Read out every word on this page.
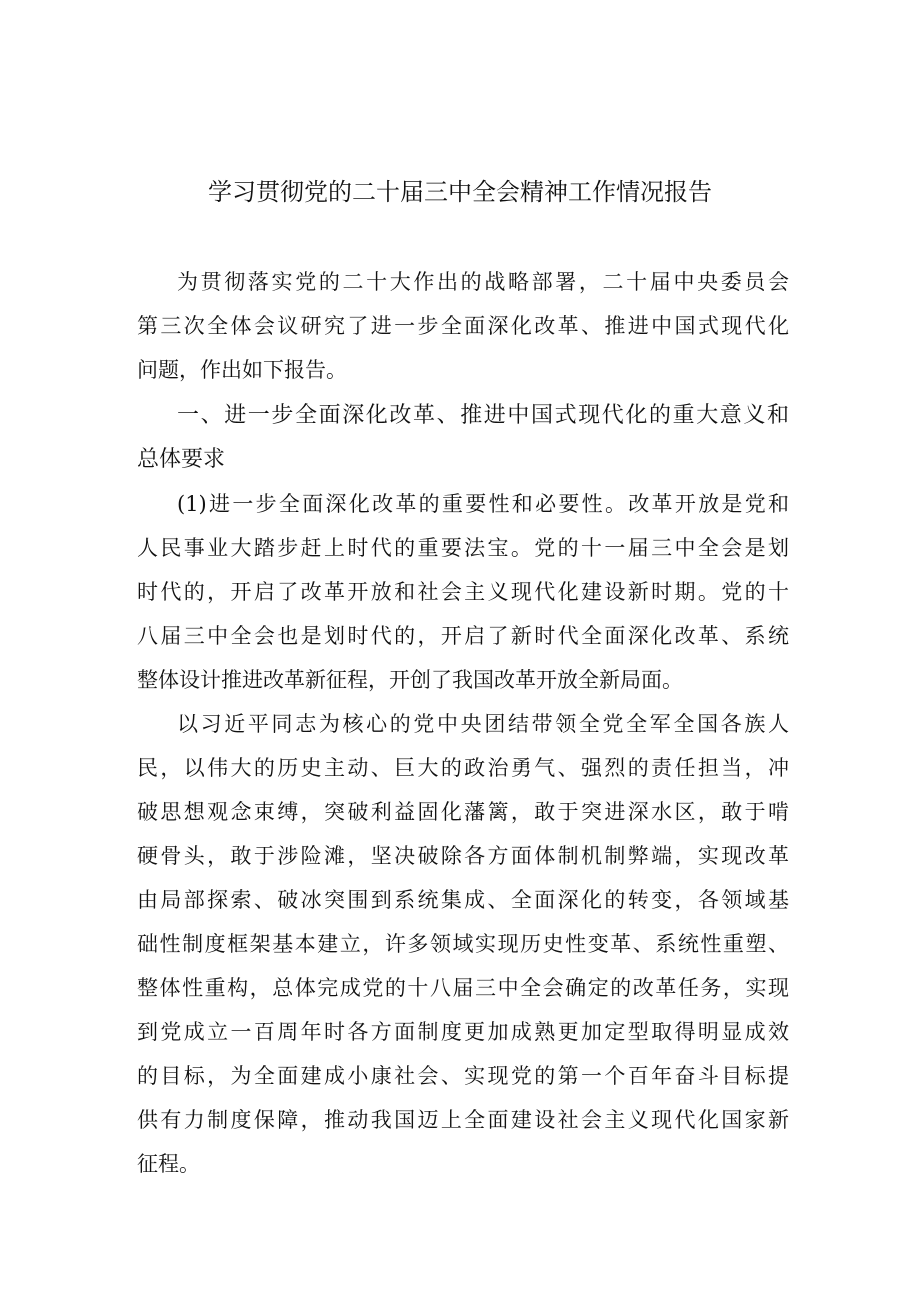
学习贯彻党的二十届三中全会精神工作情况报告
为贯彻落实党的二十大作出的战略部署，二十届中央委员会
第三次全体会议研究了进一步全面深化改革、推进中国式现代化
问题，作出如下报告。
一、进一步全面深化改革、推进中国式现代化的重大意义和
总体要求
(1)进一步全面深化改革的重要性和必要性。改革开放是党和
人民事业大踏步赶上时代的重要法宝。党的十一届三中全会是划
时代的，开启了改革开放和社会主义现代化建设新时期。党的十
八届三中全会也是划时代的，开启了新时代全面深化改革、系统
整体设计推进改革新征程，开创了我国改革开放全新局面。
以习近平同志为核心的党中央团结带领全党全军全国各族人
民，以伟大的历史主动、巨大的政治勇气、强烈的责任担当，冲
破思想观念束缚，突破利益固化藩篱，敢于突进深水区，敢于啃
硬骨头，敢于涉险滩，坚决破除各方面体制机制弊端，实现改革
由局部探索、破冰突围到系统集成、全面深化的转变，各领域基
础性制度框架基本建立，许多领域实现历史性变革、系统性重塑、
整体性重构，总体完成党的十八届三中全会确定的改革任务，实现
到党成立一百周年时各方面制度更加成熟更加定型取得明显成效
的目标，为全面建成小康社会、实现党的第一个百年奋斗目标提
供有力制度保障，推动我国迈上全面建设社会主义现代化国家新
征程。
